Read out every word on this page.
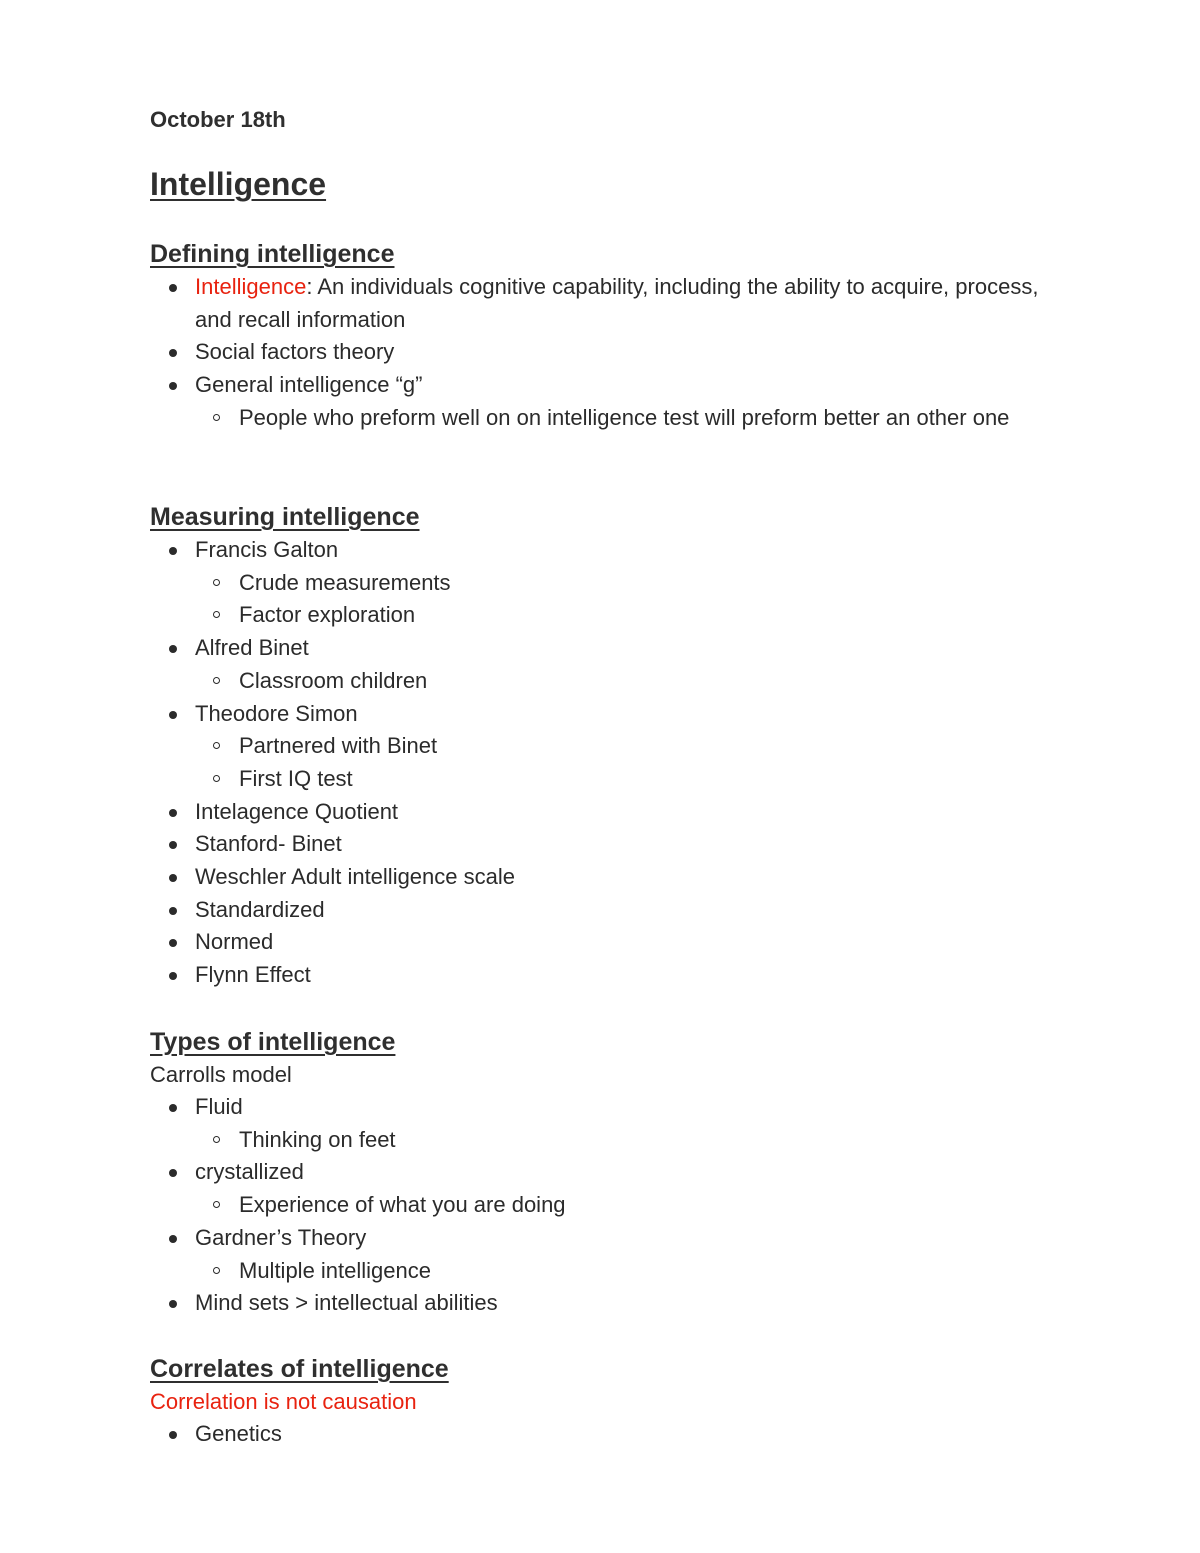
October 18th
Intelligence
Defining intelligence
Intelligence: An individuals cognitive capability, including the ability to acquire, process, and recall information
Social factors theory
General intelligence “g”
People who preform well on on intelligence test will preform better an other one
Measuring intelligence
Francis Galton
Crude measurements
Factor exploration
Alfred Binet
Classroom children
Theodore Simon
Partnered with Binet
First IQ test
Intelagence Quotient
Stanford- Binet
Weschler Adult intelligence scale
Standardized
Normed
Flynn Effect
Types of intelligence
Carrolls model
Fluid
Thinking on feet
crystallized
Experience of what you are doing
Gardner’s Theory
Multiple intelligence
Mind sets > intellectual abilities
Correlates of intelligence
Correlation is not causation
Genetics
